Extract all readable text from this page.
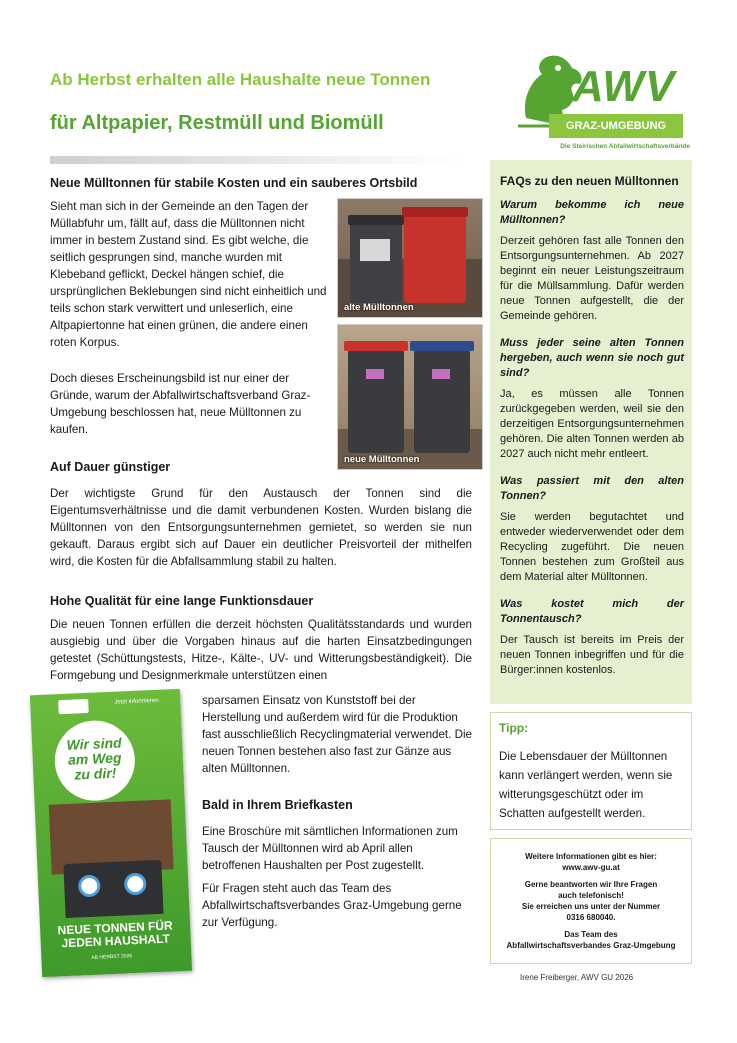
Ab Herbst erhalten alle Haushalte neue Tonnen
für Altpapier, Restmüll und Biomüll
AWV
GRAZ-UMGEBUNG
Die Steirischen Abfallwirtschaftsverbände
Neue Mülltonnen für stabile Kosten und ein sauberes Ortsbild

Sieht man sich in der Gemeinde an den Tagen der Müllabfuhr um, fällt auf, dass die Mülltonnen nicht immer in bestem Zustand sind. Es gibt welche, die seitlich gesprungen sind, manche wurden mit Klebeband geflickt, Deckel hängen schief, die ursprünglichen Beklebungen sind nicht einheitlich und teils schon stark verwittert und unleserlich, eine Altpapiertonne hat einen grünen, die andere einen roten Korpus.

Doch dieses Erscheinungsbild ist nur einer der Gründe, warum der Abfallwirtschaftsverband Graz-Umgebung beschlossen hat, neue Mülltonnen zu kaufen.

alte Mülltonnen
neue Mülltonnen
Auf Dauer günstiger

Der wichtigste Grund für den Austausch der Tonnen sind die Eigentumsverhältnisse und die damit verbundenen Kosten. Wurden bislang die Mülltonnen von den Entsorgungsunternehmen gemietet, so werden sie nun gekauft. Daraus ergibt sich auf Dauer ein deutlicher Preisvorteil der mithelfen wird, die Kosten für die Abfallsammlung stabil zu halten.

Hohe Qualität für eine lange Funktionsdauer

Die neuen Tonnen erfüllen die derzeit höchsten Qualitätsstandards und wurden ausgiebig und über die Vorgaben hinaus auf die harten Einsatzbedingungen getestet (Schüttungstests, Hitze-, Kälte-, UV- und Witterungsbeständigkeit). Die Formgebung und Designmerkmale unterstützen einen

sparsamen Einsatz von Kunststoff bei der Herstellung und außerdem wird für die Produktion fast ausschließlich Recyclingmaterial verwendet. Die neuen Tonnen bestehen also fast zur Gänze aus alten Mülltonnen.

Bald in Ihrem Briefkasten

Eine Broschüre mit sämtlichen Informationen zum Tausch der Mülltonnen wird ab April allen betroffenen Haushalten per Post zugestellt.

Für Fragen steht auch das Team des Abfallwirtschaftsverbandes Graz-Umgebung gerne zur Verfügung.

Jetzt informieren
Wir sind am Weg zu dir!
NEUE TONNEN FÜR JEDEN HAUSHALT
AB HERBST 2026
FAQs zu den neuen Mülltonnen

Warum bekomme ich neue Mülltonnen?

Derzeit gehören fast alle Tonnen den Entsorgungsunternehmen. Ab 2027 beginnt ein neuer Leistungszeitraum für die Müllsammlung. Dafür werden neue Tonnen aufgestellt, die der Gemeinde gehören.

Muss jeder seine alten Tonnen hergeben, auch wenn sie noch gut sind?

Ja, es müssen alle Tonnen zurückgegeben werden, weil sie den derzeitigen Entsorgungsunternehmen gehören. Die alten Tonnen werden ab 2027 auch nicht mehr entleert.

Was passiert mit den alten Tonnen?

Sie werden begutachtet und entweder wiederverwendet oder dem Recycling zugeführt. Die neuen Tonnen bestehen zum Großteil aus dem Material alter Mülltonnen.

Was kostet mich der Tonnentausch?

Der Tausch ist bereits im Preis der neuen Tonnen inbegriffen und für die Bürger:innen kostenlos.

Tipp:
Die Lebensdauer der Mülltonnen kann verlängert werden, wenn sie witterungsgeschützt oder im Schatten aufgestellt werden.
Weitere Informationen gibt es hier:
www.awv-gu.at
Gerne beantworten wir Ihre Fragen
auch telefonisch!
Sie erreichen uns unter der Nummer
0316 680040.
Das Team des
Abfallwirtschaftsverbandes Graz-Umgebung
Irene Freiberger, AWV GU 2026
